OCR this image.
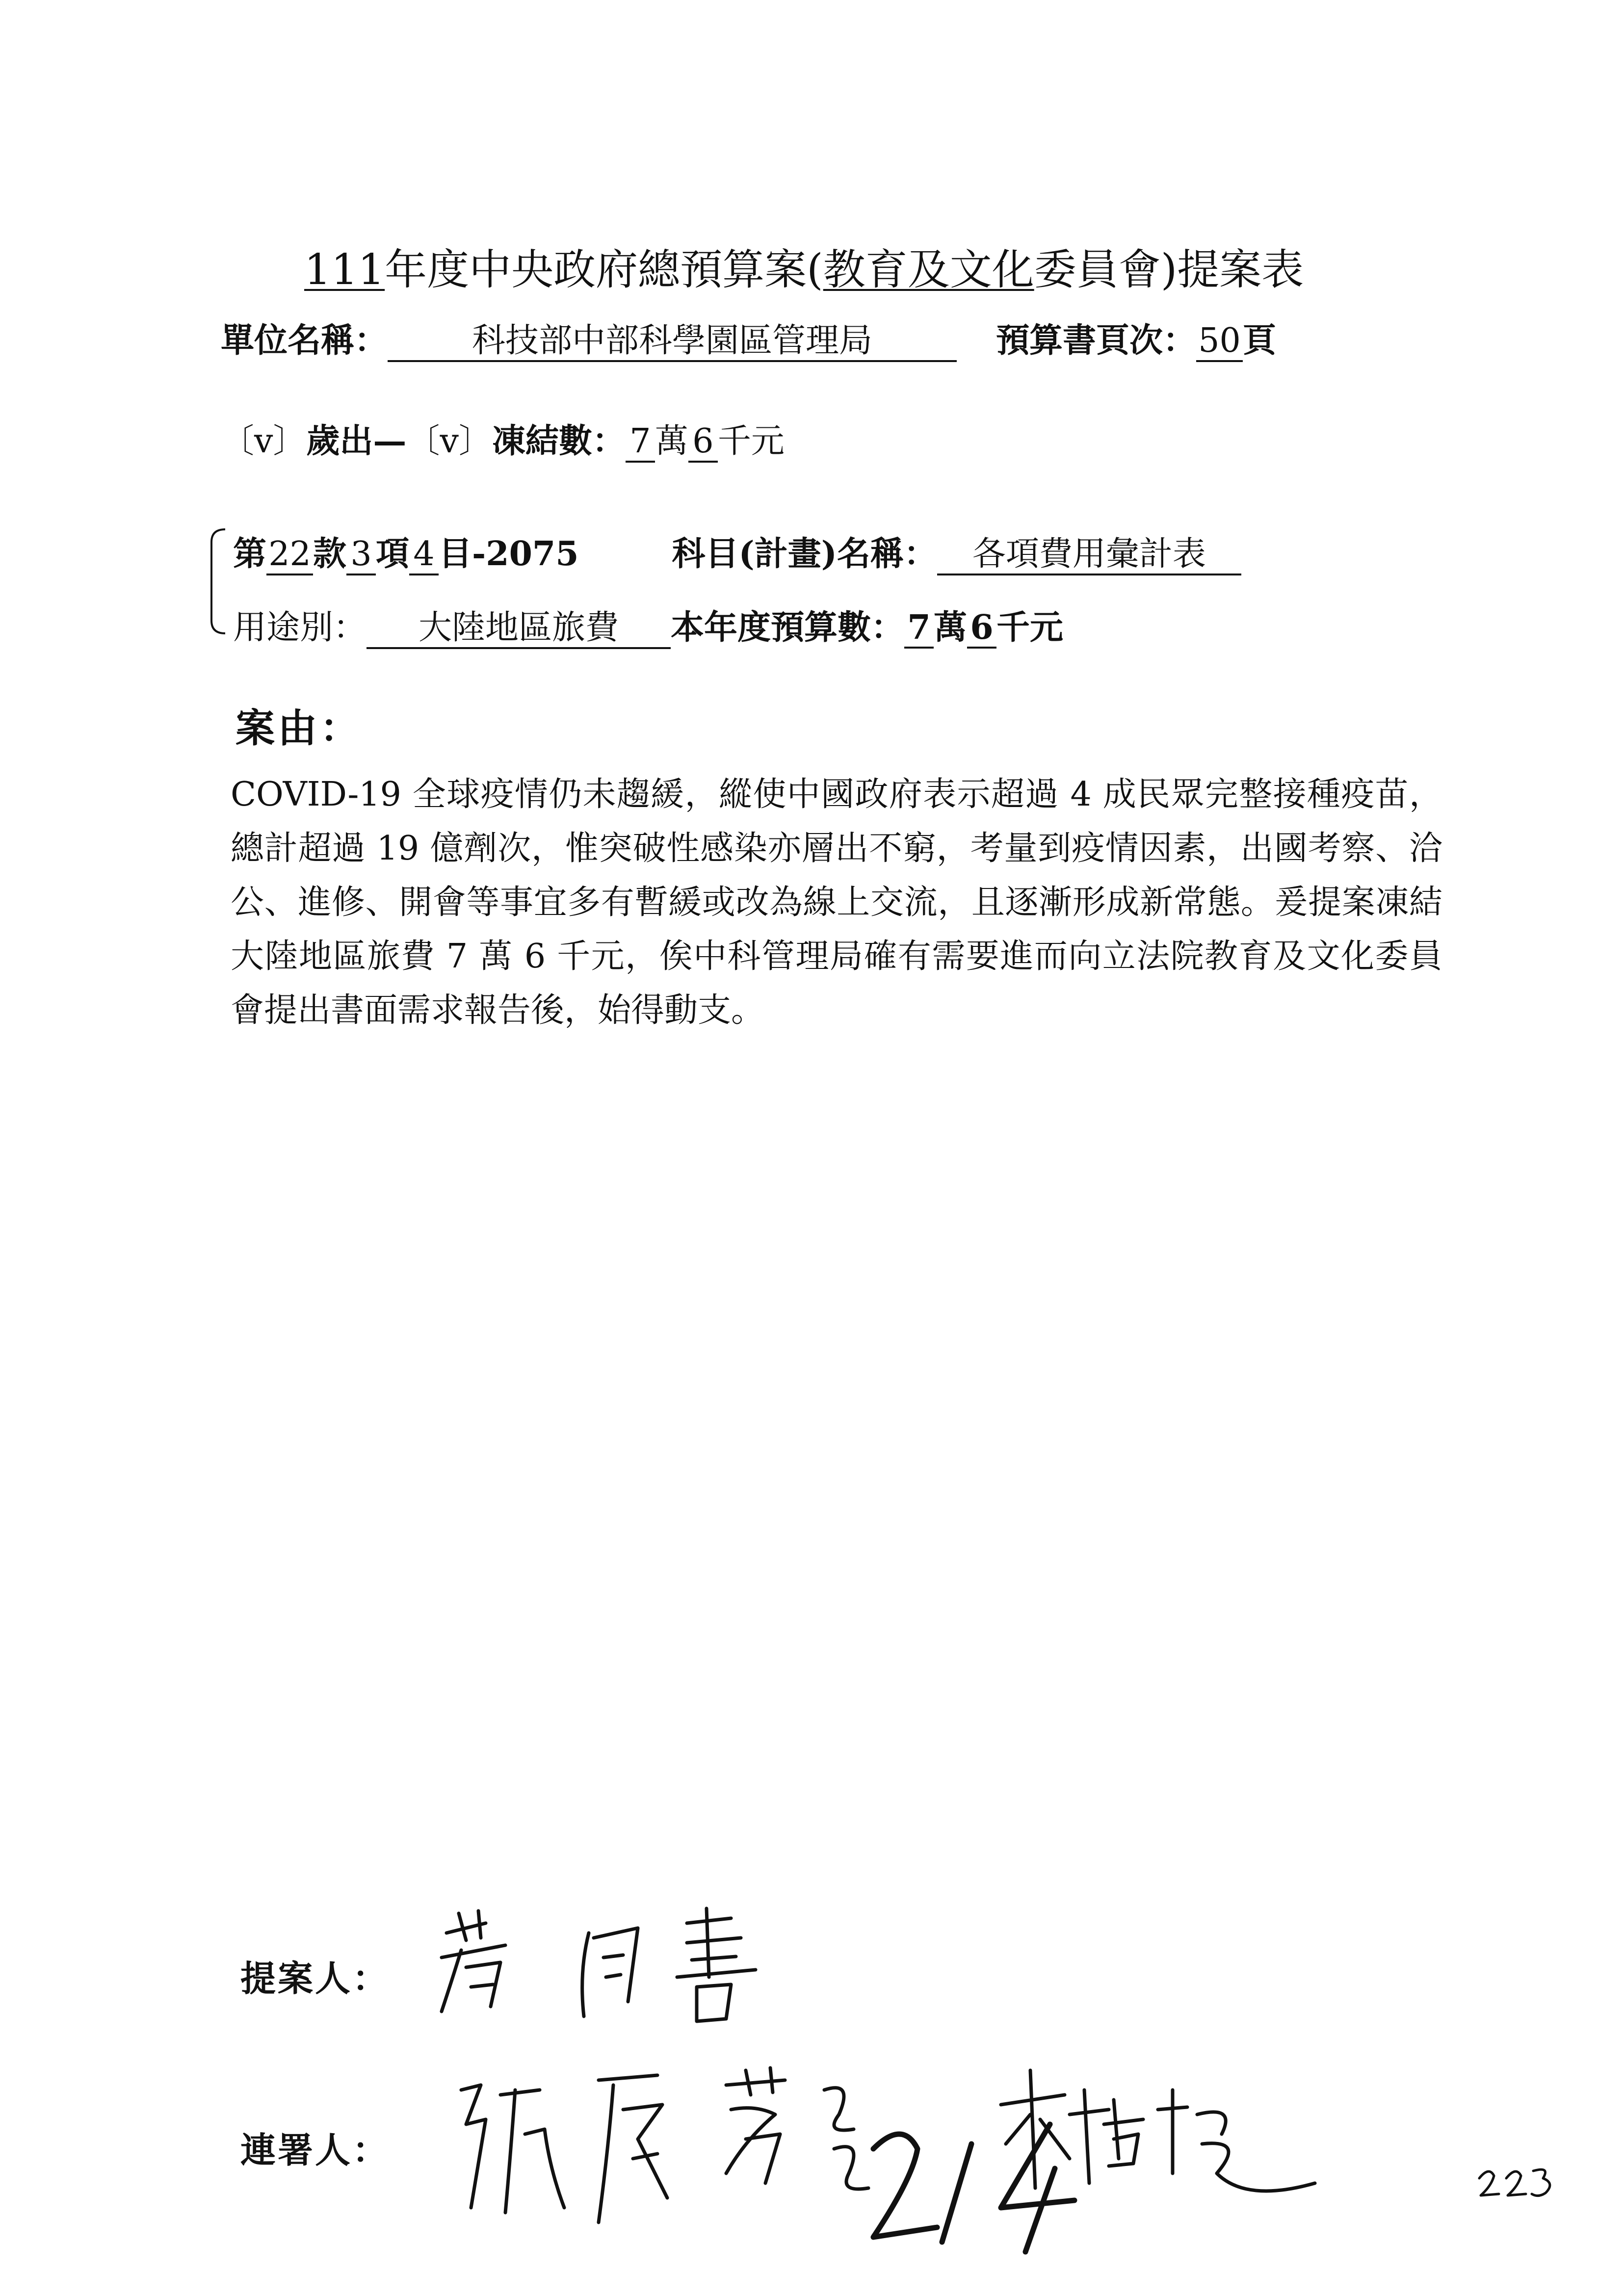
111年度中央政府總預算案(教育及文化委員會)提案表
單位名稱：	科技部中部科學園區管理局	預算書頁次：50頁
〔v〕歲出—〔v〕凍結數： 7 萬 6 千元
第22款 3 項 4 目-2075	科目(計畫)名稱： 各項費用彙計表
用途別： 大陸地區旅費 本年度預算數：7萬6千元
案由：
COVID-19 全球疫情仍未趨緩，縱使中國政府表示超過 4 成民眾完整接種疫苗，總計超過 19 億劑次，惟突破性感染亦層出不窮，考量到疫情因素，出國考察、洽公、進修、開會等事宜多有暫緩或改為線上交流，且逐漸形成新常態。爰提案凍結大陸地區旅費 7 萬 6 千元，俟中科管理局確有需要進而向立法院教育及文化委員會提出書面需求報告後，始得動支。
提案人：
連署人：
